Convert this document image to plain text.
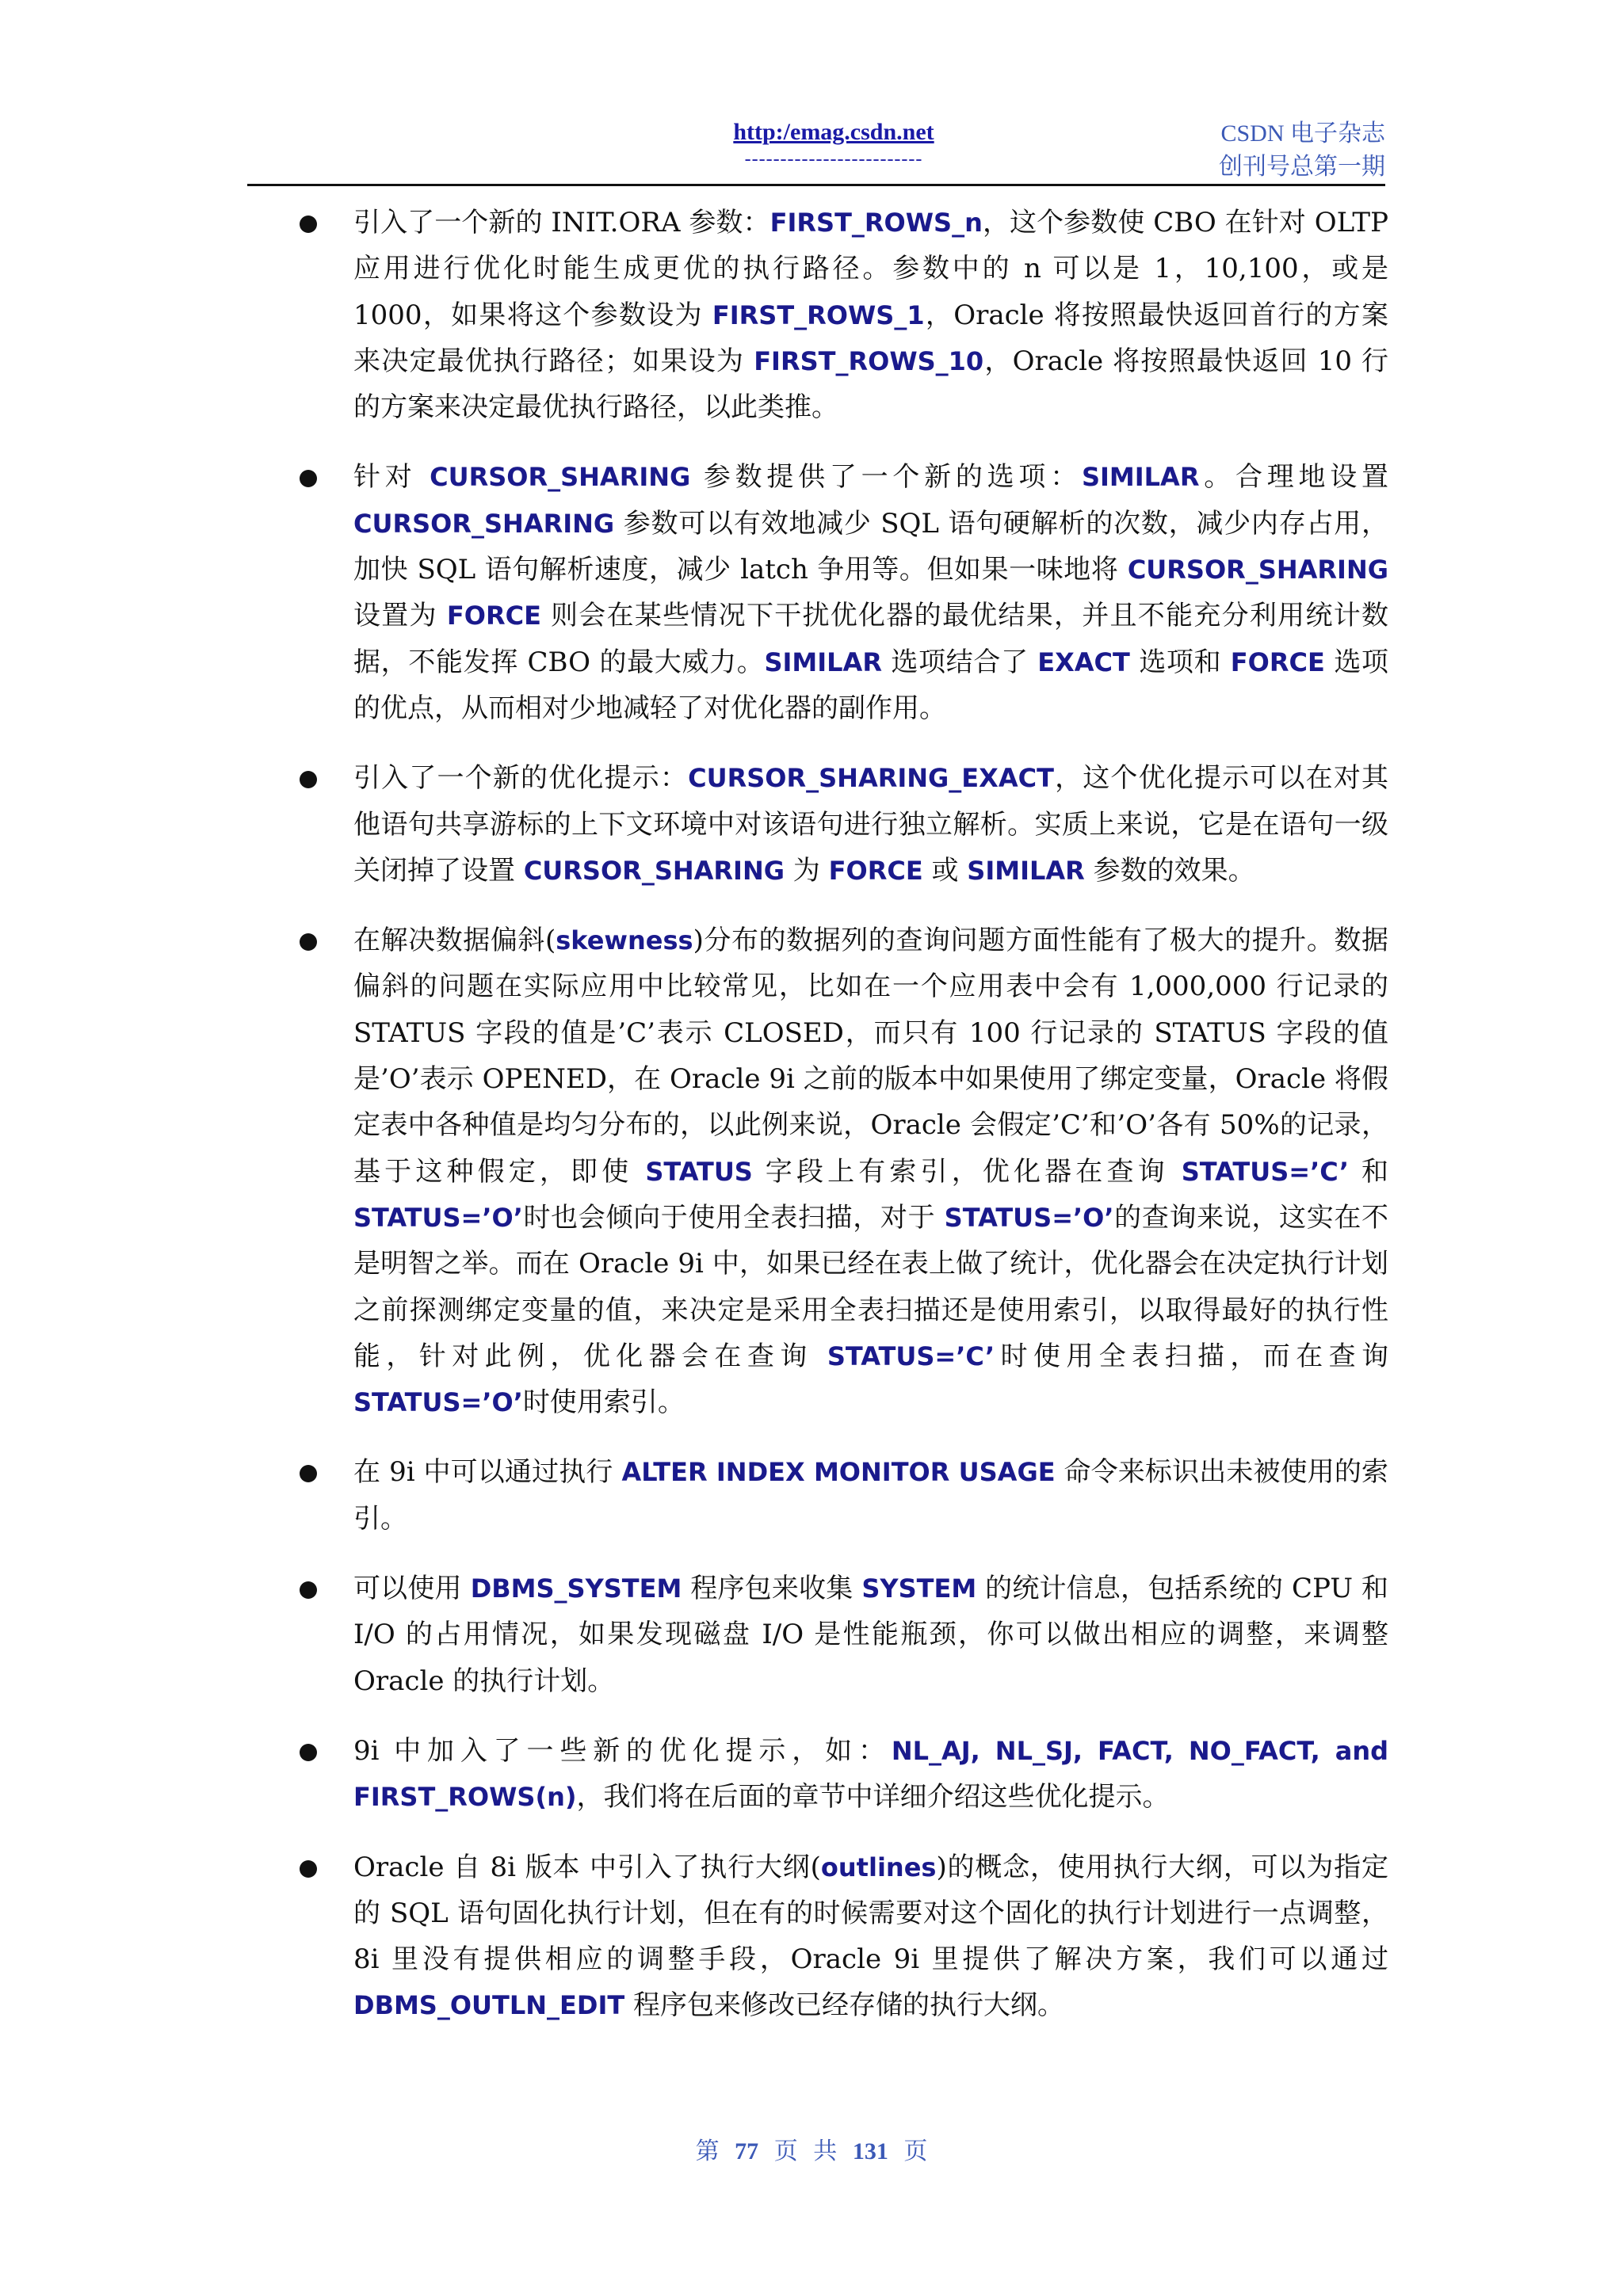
http:/emag.csdn.net
-------------------------
CSDN 电子杂志
创刊号总第一期
引入了一个新的 INIT.ORA 参数：FIRST_ROWS_n，这个参数使 CBO 在针对 OLTP 应用进行优化时能生成更优的执行路径。参数中的 n 可以是 1，10,100，或是 1000，如果将这个参数设为 FIRST_ROWS_1，Oracle 将按照最快返回首行的方案来决定最优执行路径；如果设为 FIRST_ROWS_10，Oracle 将按照最快返回 10 行的方案来决定最优执行路径，以此类推。
针对 CURSOR_SHARING 参数提供了一个新的选项：SIMILAR。合理地设置 CURSOR_SHARING 参数可以有效地减少 SQL 语句硬解析的次数，减少内存占用，加快 SQL 语句解析速度，减少 latch 争用等。但如果一味地将 CURSOR_SHARING 设置为 FORCE 则会在某些情况下干扰优化器的最优结果，并且不能充分利用统计数据，不能发挥 CBO 的最大威力。SIMILAR 选项结合了 EXACT 选项和 FORCE 选项的优点，从而相对少地减轻了对优化器的副作用。
引入了一个新的优化提示：CURSOR_SHARING_EXACT，这个优化提示可以在对其他语句共享游标的上下文环境中对该语句进行独立解析。实质上来说，它是在语句一级关闭掉了设置 CURSOR_SHARING 为 FORCE 或 SIMILAR 参数的效果。
在解决数据偏斜(skewness)分布的数据列的查询问题方面性能有了极大的提升。数据偏斜的问题在实际应用中比较常见，比如在一个应用表中会有 1,000,000 行记录的 STATUS 字段的值是’C’表示 CLOSED，而只有 100 行记录的 STATUS 字段的值是’O’表示 OPENED，在 Oracle 9i 之前的版本中如果使用了绑定变量，Oracle 将假定表中各种值是均匀分布的，以此例来说，Oracle 会假定’C’和’O’各有 50%的记录，基于这种假定，即使 STATUS 字段上有索引，优化器在查询 STATUS=’C’ 和 STATUS=’O’时也会倾向于使用全表扫描，对于 STATUS=’O’的查询来说，这实在不是明智之举。而在 Oracle 9i 中，如果已经在表上做了统计，优化器会在决定执行计划之前探测绑定变量的值，来决定是采用全表扫描还是使用索引，以取得最好的执行性能，针对此例，优化器会在查询 STATUS=’C’时使用全表扫描，而在查询 STATUS=’O’时使用索引。
在 9i 中可以通过执行 ALTER INDEX MONITOR USAGE 命令来标识出未被使用的索引。
可以使用 DBMS_SYSTEM 程序包来收集 SYSTEM 的统计信息，包括系统的 CPU 和 I/O 的占用情况，如果发现磁盘 I/O 是性能瓶颈，你可以做出相应的调整，来调整 Oracle 的执行计划。
9i 中加入了一些新的优化提示，如：NL_AJ, NL_SJ, FACT, NO_FACT, and FIRST_ROWS(n)，我们将在后面的章节中详细介绍这些优化提示。
Oracle 自 8i 版本 中引入了执行大纲(outlines)的概念，使用执行大纲，可以为指定的 SQL 语句固化执行计划，但在有的时候需要对这个固化的执行计划进行一点调整，8i 里没有提供相应的调整手段，Oracle 9i 里提供了解决方案，我们可以通过 DBMS_OUTLN_EDIT 程序包来修改已经存储的执行大纲。
第 77 页 共 131 页
